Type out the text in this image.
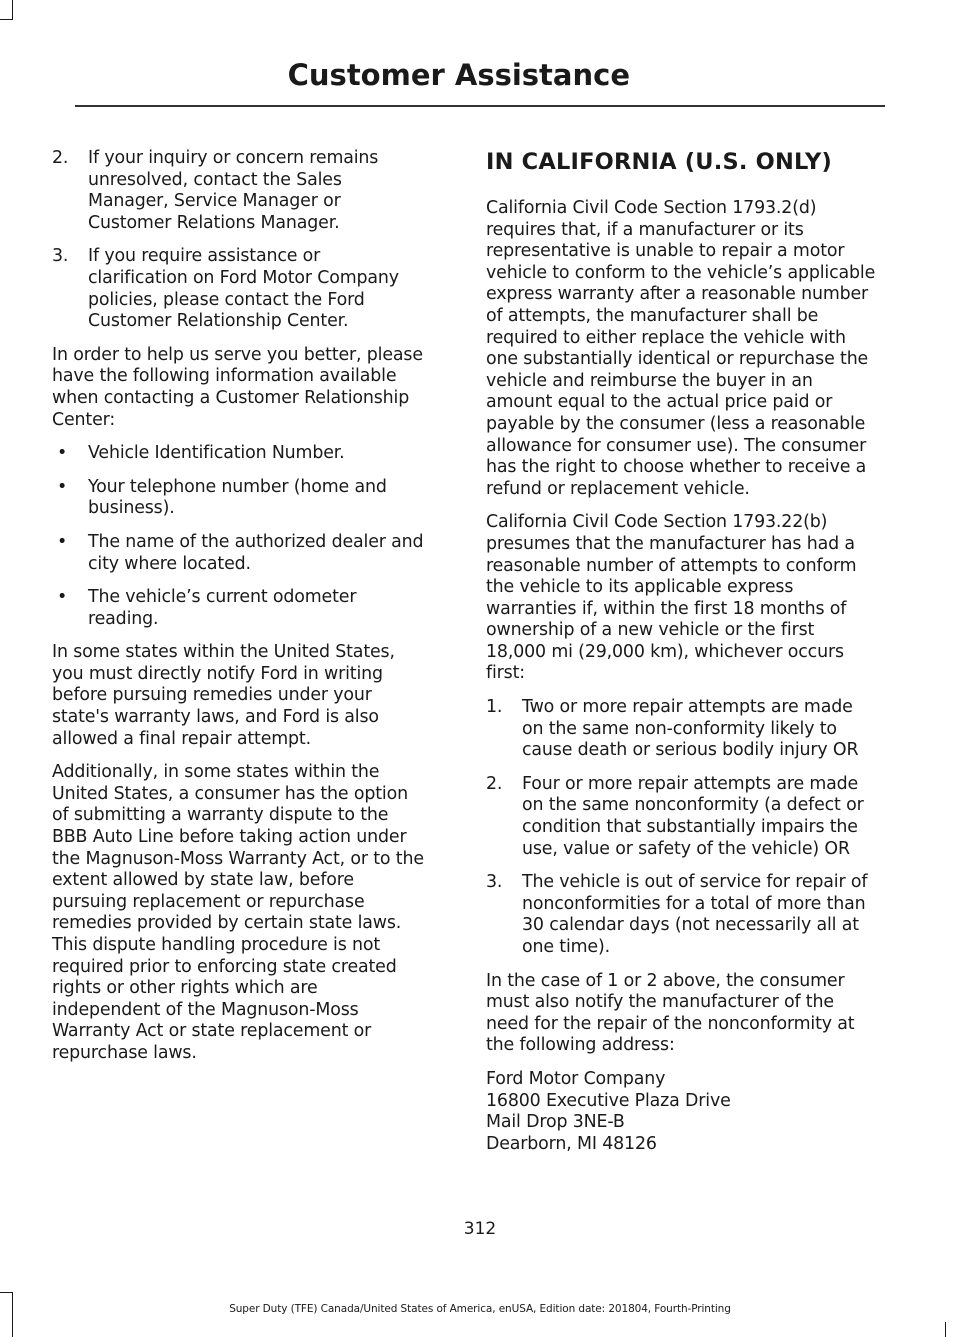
Customer Assistance
2. If your inquiry or concern remains unresolved, contact the Sales Manager, Service Manager or Customer Relations Manager.
3. If you require assistance or clarification on Ford Motor Company policies, please contact the Ford Customer Relationship Center.

In order to help us serve you better, please have the following information available when contacting a Customer Relationship Center:

• Vehicle Identification Number.
• Your telephone number (home and business).
• The name of the authorized dealer and city where located.
• The vehicle’s current odometer reading.

In some states within the United States, you must directly notify Ford in writing before pursuing remedies under your state's warranty laws, and Ford is also allowed a final repair attempt.

Additionally, in some states within the United States, a consumer has the option of submitting a warranty dispute to the BBB Auto Line before taking action under the Magnuson-Moss Warranty Act, or to the extent allowed by state law, before pursuing replacement or repurchase remedies provided by certain state laws. This dispute handling procedure is not required prior to enforcing state created rights or other rights which are independent of the Magnuson-Moss Warranty Act or state replacement or repurchase laws.

IN CALIFORNIA (U.S. ONLY)

California Civil Code Section 1793.2(d) requires that, if a manufacturer or its representative is unable to repair a motor vehicle to conform to the vehicle’s applicable express warranty after a reasonable number of attempts, the manufacturer shall be required to either replace the vehicle with one substantially identical or repurchase the vehicle and reimburse the buyer in an amount equal to the actual price paid or payable by the consumer (less a reasonable allowance for consumer use). The consumer has the right to choose whether to receive a refund or replacement vehicle.

California Civil Code Section 1793.22(b) presumes that the manufacturer has had a reasonable number of attempts to conform the vehicle to its applicable express warranties if, within the first 18 months of ownership of a new vehicle or the first 18,000 mi (29,000 km), whichever occurs first:

1. Two or more repair attempts are made on the same non-conformity likely to cause death or serious bodily injury OR
2. Four or more repair attempts are made on the same nonconformity (a defect or condition that substantially impairs the use, value or safety of the vehicle) OR
3. The vehicle is out of service for repair of nonconformities for a total of more than 30 calendar days (not necessarily all at one time).

In the case of 1 or 2 above, the consumer must also notify the manufacturer of the need for the repair of the nonconformity at the following address:

Ford Motor Company
16800 Executive Plaza Drive
Mail Drop 3NE-B
Dearborn, MI 48126
312
Super Duty (TFE) Canada/United States of America, enUSA, Edition date: 201804, Fourth-Printing
